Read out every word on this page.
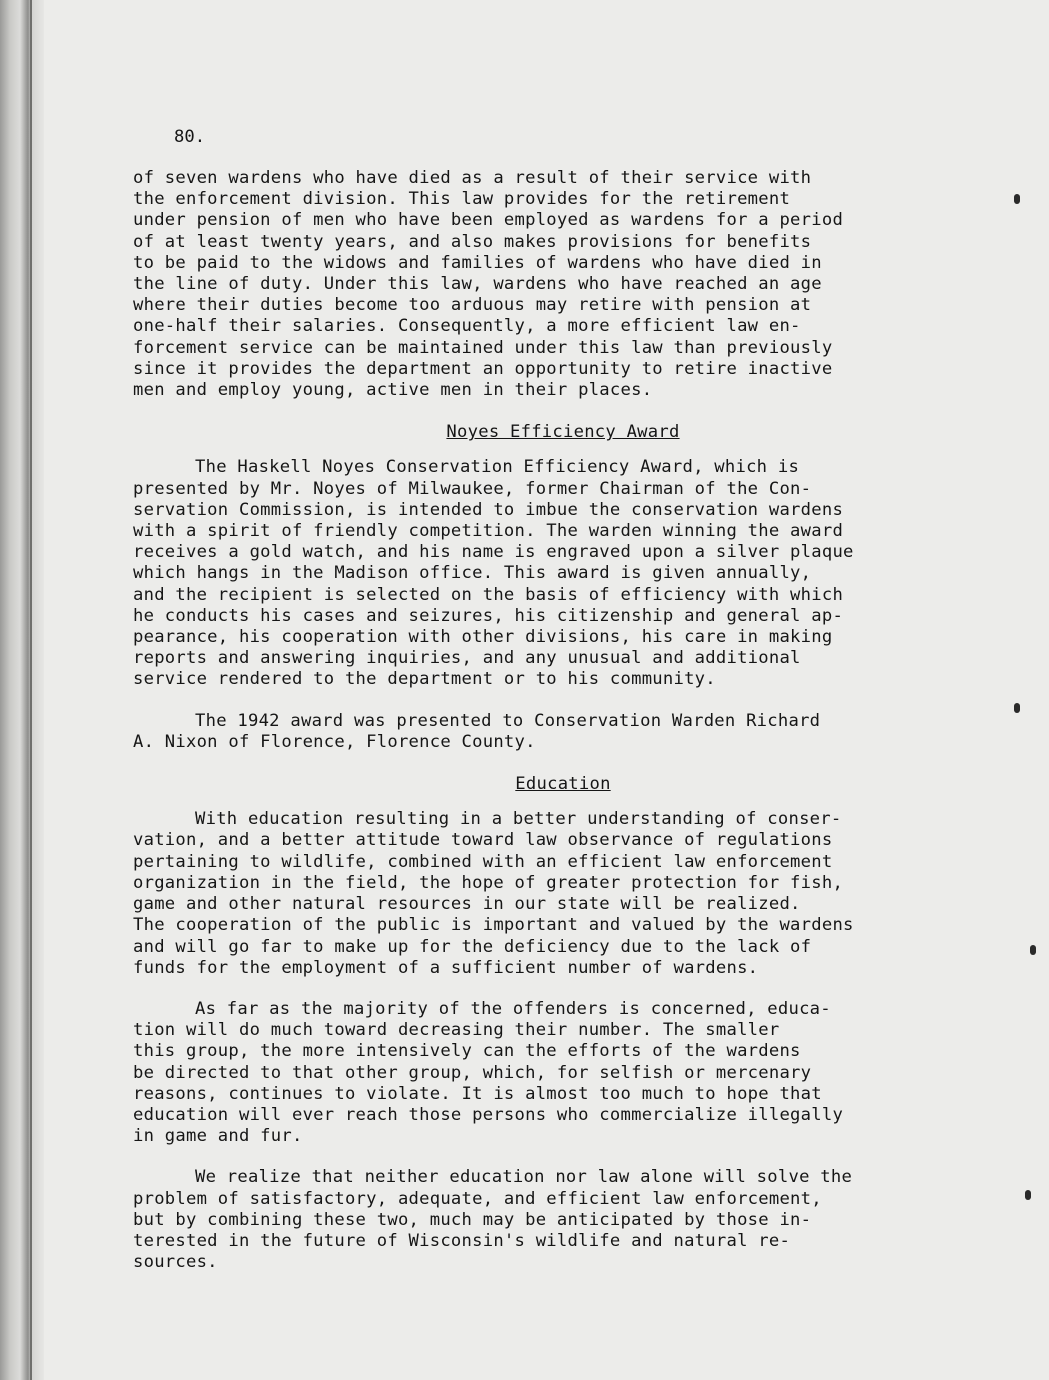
80.
of seven wardens who have died as a result of their service with
the enforcement division. This law provides for the retirement
under pension of men who have been employed as wardens for a period
of at least twenty years, and also makes provisions for benefits
to be paid to the widows and families of wardens who have died in
the line of duty. Under this law, wardens who have reached an age
where their duties become too arduous may retire with pension at
one-half their salaries. Consequently, a more efficient law en-
forcement service can be maintained under this law than previously
since it provides the department an opportunity to retire inactive
men and employ young, active men in their places.
Noyes Efficiency Award
The Haskell Noyes Conservation Efficiency Award, which is
presented by Mr. Noyes of Milwaukee, former Chairman of the Con-
servation Commission, is intended to imbue the conservation wardens
with a spirit of friendly competition. The warden winning the award
receives a gold watch, and his name is engraved upon a silver plaque
which hangs in the Madison office. This award is given annually,
and the recipient is selected on the basis of efficiency with which
he conducts his cases and seizures, his citizenship and general ap-
pearance, his cooperation with other divisions, his care in making
reports and answering inquiries, and any unusual and additional
service rendered to the department or to his community.
The 1942 award was presented to Conservation Warden Richard
A. Nixon of Florence, Florence County.
Education
With education resulting in a better understanding of conser-
vation, and a better attitude toward law observance of regulations
pertaining to wildlife, combined with an efficient law enforcement
organization in the field, the hope of greater protection for fish,
game and other natural resources in our state will be realized.
The cooperation of the public is important and valued by the wardens
and will go far to make up for the deficiency due to the lack of
funds for the employment of a sufficient number of wardens.
As far as the majority of the offenders is concerned, educa-
tion will do much toward decreasing their number. The smaller
this group, the more intensively can the efforts of the wardens
be directed to that other group, which, for selfish or mercenary
reasons, continues to violate. It is almost too much to hope that
education will ever reach those persons who commercialize illegally
in game and fur.
We realize that neither education nor law alone will solve the
problem of satisfactory, adequate, and efficient law enforcement,
but by combining these two, much may be anticipated by those in-
terested in the future of Wisconsin's wildlife and natural re-
sources.
